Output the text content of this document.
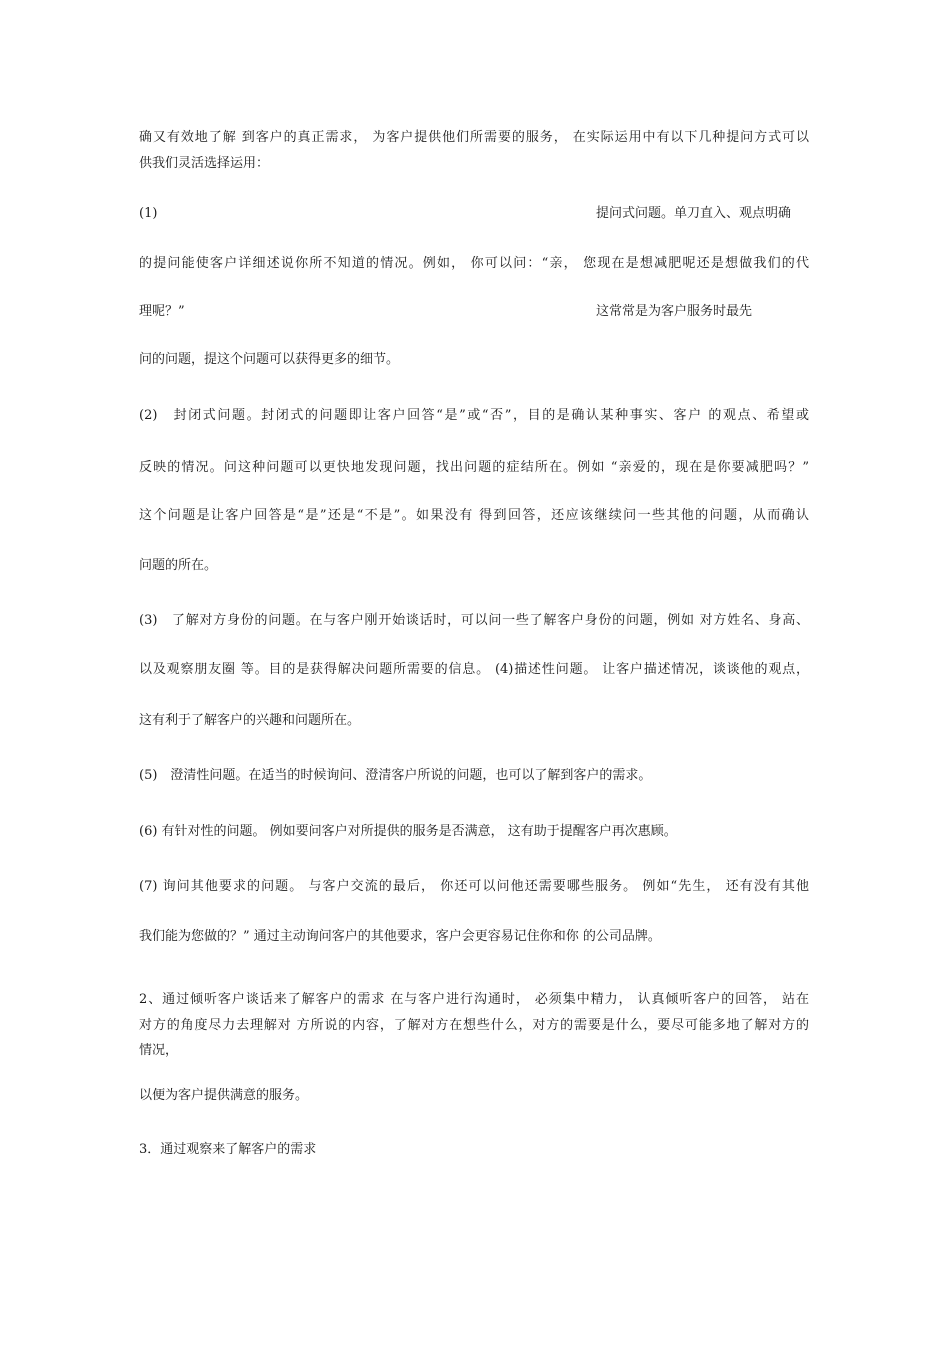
确又有效地了解 到客户的真正需求， 为客户提供他们所需要的服务， 在实际运用中有以下几种提问方式可以
供我们灵活选择运用：
(1)	提问式问题。单刀直入、观点明确
的提问能使客户详细述说你所不知道的情况。例如， 你可以问：“亲， 您现在是想减肥呢还是想做我们的代
理呢？”	这常常是为客户服务时最先
问的问题，提这个问题可以获得更多的细节。
(2)　封闭式问题。封闭式的问题即让客户回答“是”或“否”，目的是确认某种事实、客户 的观点、希望或
反映的情况。问这种问题可以更快地发现问题，找出问题的症结所在。例如 “亲爱的，现在是你要减肥吗？”
这个问题是让客户回答是“是”还是“不是”。如果没有 得到回答，还应该继续问一些其他的问题，从而确认
问题的所在。
(3)　了解对方身份的问题。在与客户刚开始谈话时，可以问一些了解客户身份的问题，例如 对方姓名、身高、
以及观察朋友圈 等。目的是获得解决问题所需要的信息。 (4)描述性问题。 让客户描述情况，谈谈他的观点，
这有利于了解客户的兴趣和问题所在。
(5)　澄清性问题。在适当的时候询问、澄清客户所说的问题，也可以了解到客户的需求。
(6) 有针对性的问题。 例如要问客户对所提供的服务是否满意， 这有助于提醒客户再次惠顾。
(7) 询问其他要求的问题。 与客户交流的最后， 你还可以问他还需要哪些服务。 例如“先生， 还有没有其他
我们能为您做的？” 通过主动询问客户的其他要求，客户会更容易记住你和你 的公司品牌。
2、通过倾听客户谈话来了解客户的需求 在与客户进行沟通时， 必须集中精力， 认真倾听客户的回答， 站在
对方的角度尽力去理解对 方所说的内容，了解对方在想些什么，对方的需要是什么，要尽可能多地了解对方的
情况，
以便为客户提供满意的服务。
3．通过观察来了解客户的需求
